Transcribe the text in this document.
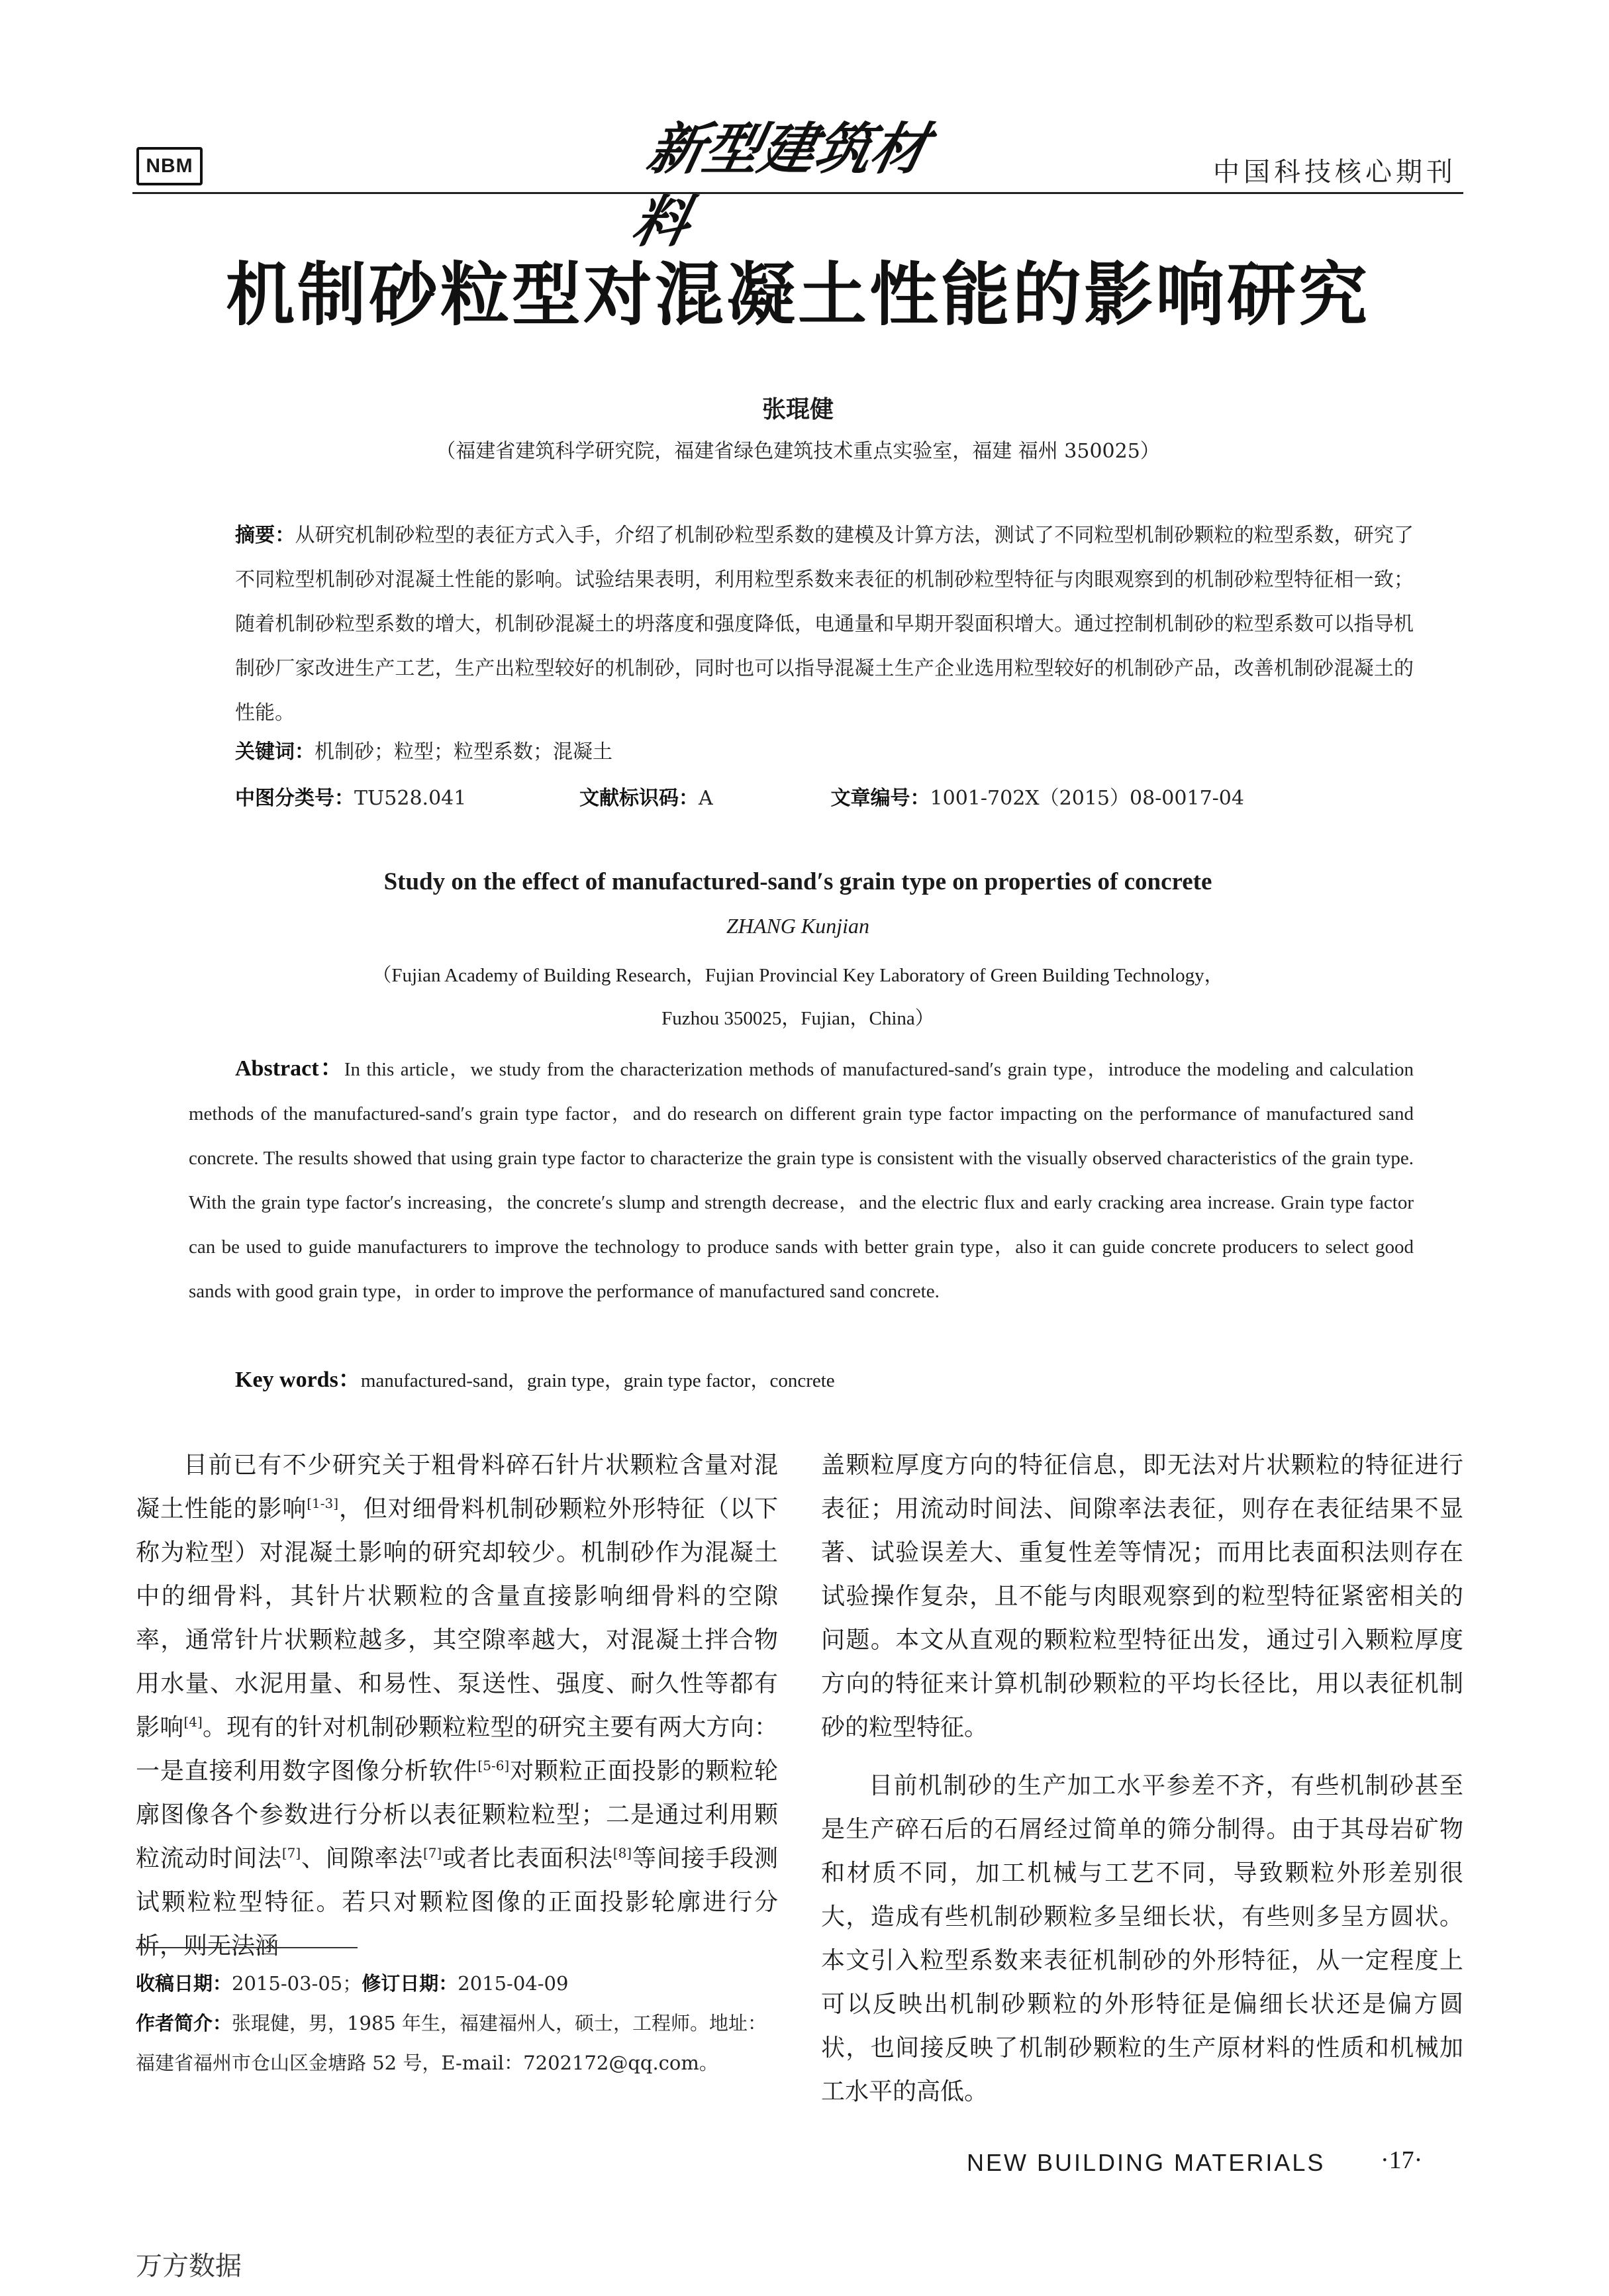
NBM	新型建筑材料
中国科技核心期刊
机制砂粒型对混凝土性能的影响研究
张琨健
（福建省建筑科学研究院，福建省绿色建筑技术重点实验室，福建 福州 350025）
摘要：从研究机制砂粒型的表征方式入手，介绍了机制砂粒型系数的建模及计算方法，测试了不同粒型机制砂颗粒的粒型系数，研究了不同粒型机制砂对混凝土性能的影响。试验结果表明，利用粒型系数来表征的机制砂粒型特征与肉眼观察到的机制砂粒型特征相一致；随着机制砂粒型系数的增大，机制砂混凝土的坍落度和强度降低，电通量和早期开裂面积增大。通过控制机制砂的粒型系数可以指导机制砂厂家改进生产工艺，生产出粒型较好的机制砂，同时也可以指导混凝土生产企业选用粒型较好的机制砂产品，改善机制砂混凝土的性能。
关键词：机制砂；粒型；粒型系数；混凝土
中图分类号：TU528.041	文献标识码：A	文章编号：1001-702X（2015）08-0017-04
Study on the effect of manufactured-sand′s grain type on properties of concrete
ZHANG Kunjian
（Fujian Academy of Building Research，Fujian Provincial Key Laboratory of Green Building Technology，
Fuzhou 350025，Fujian，China）
Abstract：In this article，we study from the characterization methods of manufactured-sand′s grain type，introduce the modeling and calculation methods of the manufactured-sand′s grain type factor，and do research on different grain type factor impacting on the performance of manufactured sand concrete. The results showed that using grain type factor to characterize the grain type is consistent with the visually observed characteristics of the grain type. With the grain type factor′s increasing，the concrete′s slump and strength decrease，and the electric flux and early cracking area increase. Grain type factor can be used to guide manufacturers to improve the technology to produce sands with better grain type，also it can guide concrete producers to select good sands with good grain type，in order to improve the performance of manufactured sand concrete.
Key words：manufactured-sand，grain type，grain type factor，concrete

目前已有不少研究关于粗骨料碎石针片状颗粒含量对混凝土性能的影响[1-3]，但对细骨料机制砂颗粒外形特征（以下称为粒型）对混凝土影响的研究却较少。机制砂作为混凝土中的细骨料，其针片状颗粒的含量直接影响细骨料的空隙率，通常针片状颗粒越多，其空隙率越大，对混凝土拌合物用水量、水泥用量、和易性、泵送性、强度、耐久性等都有影响[4]。现有的针对机制砂颗粒粒型的研究主要有两大方向：一是直接利用数字图像分析软件[5-6]对颗粒正面投影的颗粒轮廓图像各个参数进行分析以表征颗粒粒型；二是通过利用颗粒流动时间法[7]、间隙率法[7]或者比表面积法[8]等间接手段测试颗粒粒型特征。若只对颗粒图像的正面投影轮廓进行分析，则无法涵

收稿日期：2015-03-05；修订日期：2015-04-09
作者简介：张琨健，男，1985 年生，福建福州人，硕士，工程师。地址：福建省福州市仓山区金塘路 52 号，E-mail：7202172@qq.com。

盖颗粒厚度方向的特征信息，即无法对片状颗粒的特征进行表征；用流动时间法、间隙率法表征，则存在表征结果不显著、试验误差大、重复性差等情况；而用比表面积法则存在试验操作复杂，且不能与肉眼观察到的粒型特征紧密相关的问题。本文从直观的颗粒粒型特征出发，通过引入颗粒厚度方向的特征来计算机制砂颗粒的平均长径比，用以表征机制砂的粒型特征。

目前机制砂的生产加工水平参差不齐，有些机制砂甚至是生产碎石后的石屑经过简单的筛分制得。由于其母岩矿物和材质不同，加工机械与工艺不同，导致颗粒外形差别很大，造成有些机制砂颗粒多呈细长状，有些则多呈方圆状。本文引入粒型系数来表征机制砂的外形特征，从一定程度上可以反映出机制砂颗粒的外形特征是偏细长状还是偏方圆状，也间接反映了机制砂颗粒的生产原材料的性质和机械加工水平的高低。

NEW BUILDING MATERIALS ·17·
万方数据
